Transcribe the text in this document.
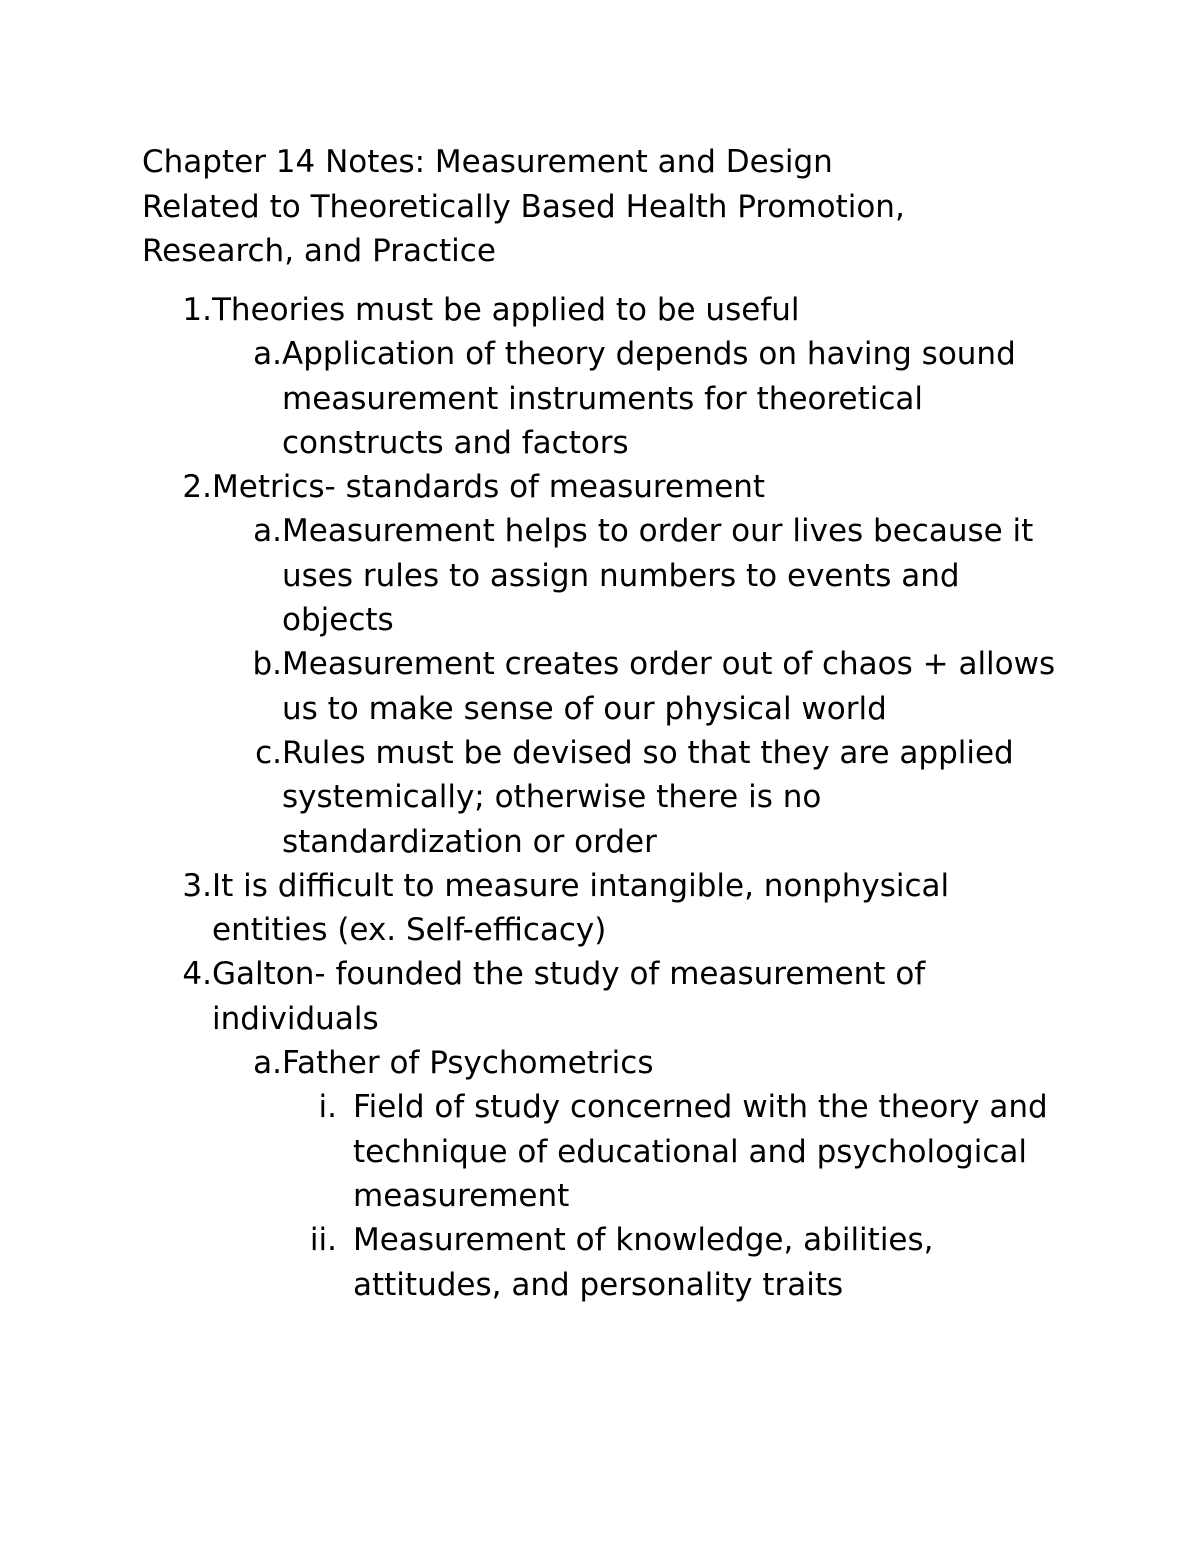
Chapter 14 Notes: Measurement and Design
Related to Theoretically Based Health Promotion,
Research, and Practice
1. Theories must be applied to be useful
a. Application of theory depends on having sound measurement instruments for theoretical constructs and factors
2. Metrics- standards of measurement
a. Measurement helps to order our lives because it uses rules to assign numbers to events and objects
b. Measurement creates order out of chaos + allows us to make sense of our physical world
c. Rules must be devised so that they are applied systemically; otherwise there is no standardization or order
3. It is difficult to measure intangible, nonphysical entities (ex. Self-efficacy)
4. Galton- founded the study of measurement of individuals
a. Father of Psychometrics
i. Field of study concerned with the theory and technique of educational and psychological measurement
ii. Measurement of knowledge, abilities, attitudes, and personality traits
